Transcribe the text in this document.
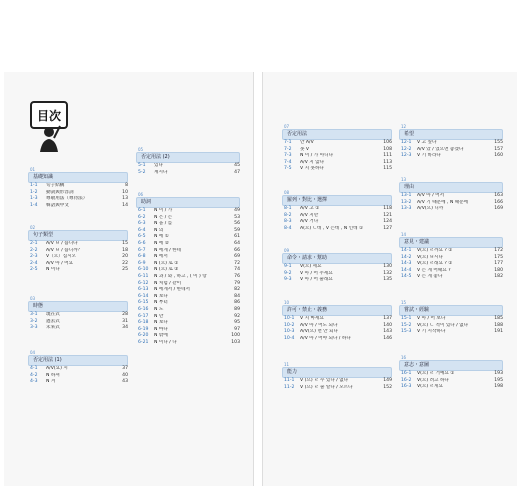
目次
01
基礎知識
1-1	句子結構	8
1-2	動詞與形容詞	10
1-3	尊敬用法（尊待法）	13
1-4	韓語與中文	14
02
句子類型
2-1	A/V ㅂ / 습니다	15
2-2	A/V ㅂ / 습니까？	18
2-3	V（으）십시오	20
2-4	A/V 아 / 어요	22
2-5	N 이다	25
03
時態
3-1	現在式	28
3-2	過去式	31
3-3	未來式	34
04
否定用法 (1)
4-1	A/V(요) 시	37
4-2	N 하셔	40
4-3	N 겨	43
05
否定用法 (2)
5-1	있다	45
5-2	계시다	47
06
助詞
6-1	N 이 / 가	49
6-2	N 은 / 는	53
6-3	N 을 / 를	56
6-4	N 의	59
6-5	N 에 ①	61
6-6	N 에 ②	64
6-7	N 에게 / 한테	66
6-8	N 에서	69
6-9	N (으) 로 ①	72
6-10	N (으) 로 ②	74
6-11	N 과 / 와 , 하고 , ( 이 ) 랑	76
6-12	N 처럼 / 같이	79
6-13	N 에게서 / 한테서	82
6-14	N 보다	84
6-15	N 부터	86
6-16	N 도	89
6-17	N 만	92
6-18	N 보다	95
6-19	N 마다	97
6-20	N 밖에	100
6-21	N 이나 / 나	103
07
否定用法
7-1	안 A/V	106
7-2	못 V	108
7-3	N 이 / 가 아니다	111
7-4	A/V 지 않다	113
7-5	V 지 못하다	115
08
羅列・對比・選擇
8-1	A/V 고 ①	118
8-2	A/V 지만	121
8-3	A/V 거나	124
8-4	A(으) ㄴ데 , V 는데 , N 인데 ①	127
09
命令・請求・幫助
9-1	V(으) 세요	130
9-2	V 아 / 어 주세요	132
9-3	V 아 / 어 줄래요	135
10
許可・禁止・義務
10-1	V 지 마세요	137
10-2	A/V 아 / 어도 되다	140
10-3	A/V(으) 면 안 되다	143
10-4	A/V 아 / 어야 되다 / 하다	146
11
能力
11-1	V (으) ㄹ 수 있다 / 없다	149
11-2	V (으) ㄹ 줄 알다 / 모르다	152
12
希望
12-1	V 고 싶다	155
12-2	A/V 았 / 었으면 좋겠다	157
12-3	V 기 바라다	160
13
理由
13-1	A/V 아 / 어서	163
13-2	A/V 기 때문에 , N 때문에	166
13-3	A/V(으) 니까	169
14
意見・建議
14-1	V(으) ㄹ까요 ? ①	172
14-2	V(으) ㅂ시다	175
14-3	V(으) ㄹ래요 ? ①	177
14-4	V 는 게 어때요 ?	180
14-5	V 는 게 좋다	182
15
嘗試・經驗
15-1	V 아 / 어 보다	185
15-2	V(으) ㄴ 적이 있다 / 없다	188
15-3	V 기 시작하다	191
16
意志・意圖
16-1	V(으) ㄹ 거예요 ①	193
16-2	V(으) 려고 하다	195
16-3	V(으) ㄹ게요	198
